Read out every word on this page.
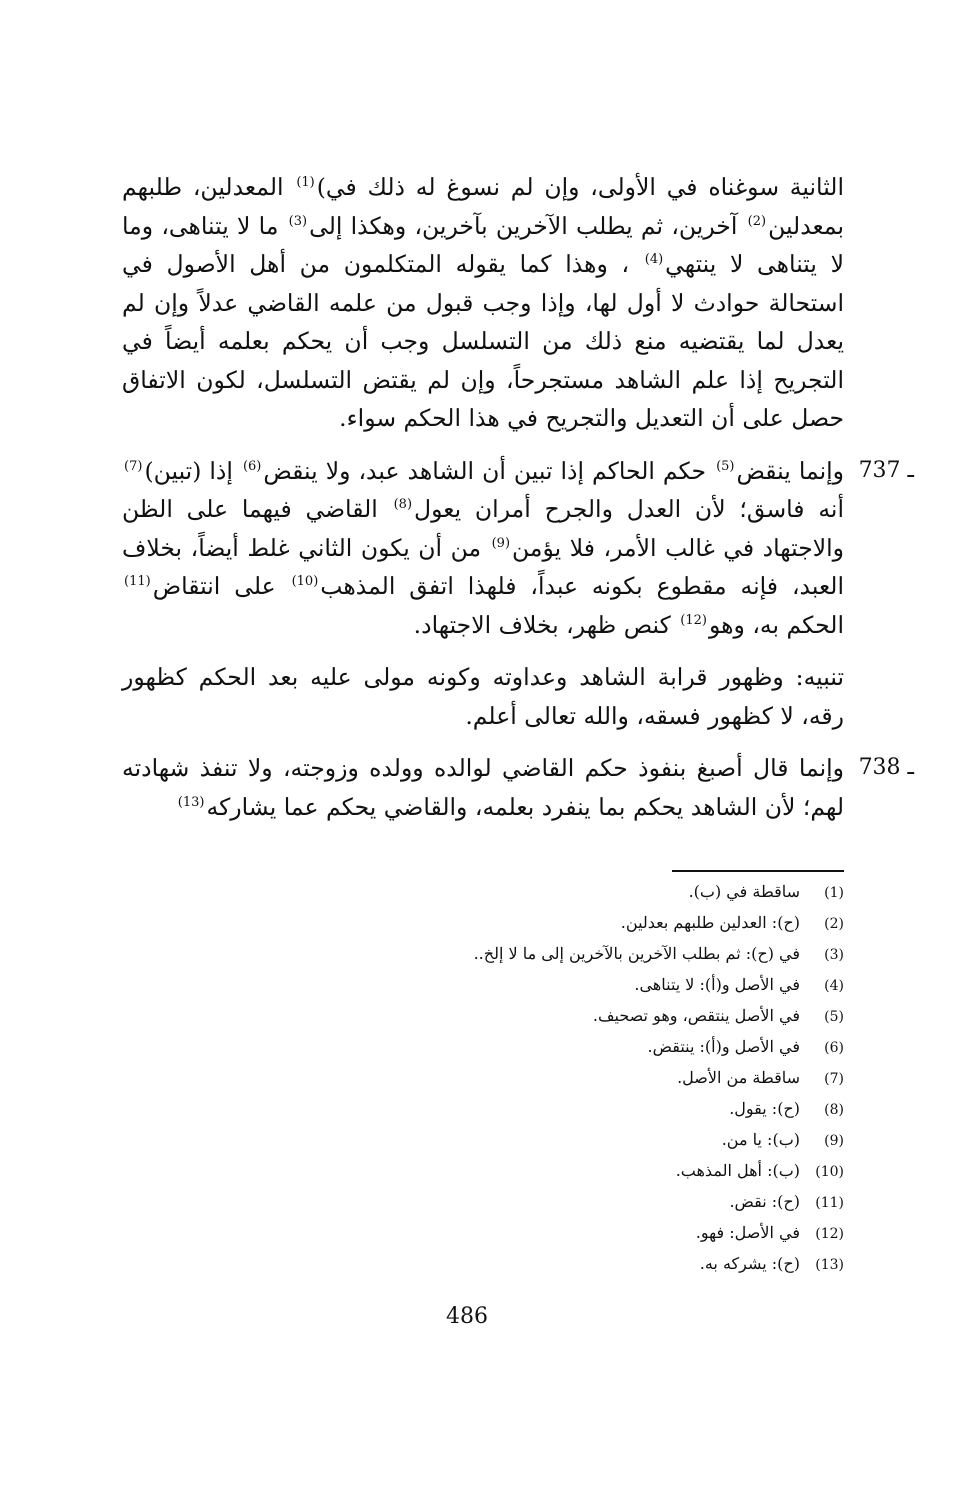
الثانية سوغناه في الأولى، وإن لم نسوغ له ذلك في)$^{(1)}$ المعدلين، طلبهم بمعدلين$^{(2)}$ آخرين، ثم يطلب الآخرين بآخرين، وهكذا إلى$^{(3)}$ ما لا يتناهى، وما لا يتناهى لا ينتهي$^{(4)}$ ، وهذا كما يقوله المتكلمون من أهل الأصول في استحالة حوادث لا أول لها، وإذا وجب قبول من علمه القاضي عدلاً وإن لم يعدل لما يقتضيه منع ذلك من التسلسل وجب أن يحكم بعلمه أيضاً في التجريح إذا علم الشاهد مستجرحاً، وإن لم يقتض التسلسل، لكون الاتفاق حصل على أن التعديل والتجريح في هذا الحكم سواء.

737 ـ
وإنما ينقض$^{(5)}$ حكم الحاكم إذا تبين أن الشاهد عبد، ولا ينقض$^{(6)}$ إذا (تبين)$^{(7)}$ أنه فاسق؛ لأن العدل والجرح أمران يعول$^{(8)}$ القاضي فيهما على الظن والاجتهاد في غالب الأمر، فلا يؤمن$^{(9)}$ من أن يكون الثاني غلط أيضاً، بخلاف العبد، فإنه مقطوع بكونه عبداً، فلهذا اتفق المذهب$^{(10)}$ على انتقاض$^{(11)}$ الحكم به، وهو$^{(12)}$ كنص ظهر، بخلاف الاجتهاد.

تنبيه: وظهور قرابة الشاهد وعداوته وكونه مولى عليه بعد الحكم كظهور رقه، لا كظهور فسقه، والله تعالى أعلم.

738 ـ
وإنما قال أصبغ بنفوذ حكم القاضي لوالده وولده وزوجته، ولا تنفذ شهادته لهم؛ لأن الشاهد يحكم بما ينفرد بعلمه، والقاضي يحكم عما يشاركه$^{(13)}$

(1)
ساقطة في (ب).
(2)
(ح): العدلين طلبهم بعدلين.
(3)
في (ح): ثم بطلب الآخرين بالآخرين إلى ما لا إلخ..
(4)
في الأصل و(أ): لا يتناهى.
(5)
في الأصل ينتقص، وهو تصحيف.
(6)
في الأصل و(أ): ينتقض.
(7)
ساقطة من الأصل.
(8)
(ح): يقول.
(9)
(ب): يا من.
(10)
(ب): أهل المذهب.
(11)
(ح): نقض.
(12)
في الأصل: فهو.
(13)
(ح): يشركه به.
486
